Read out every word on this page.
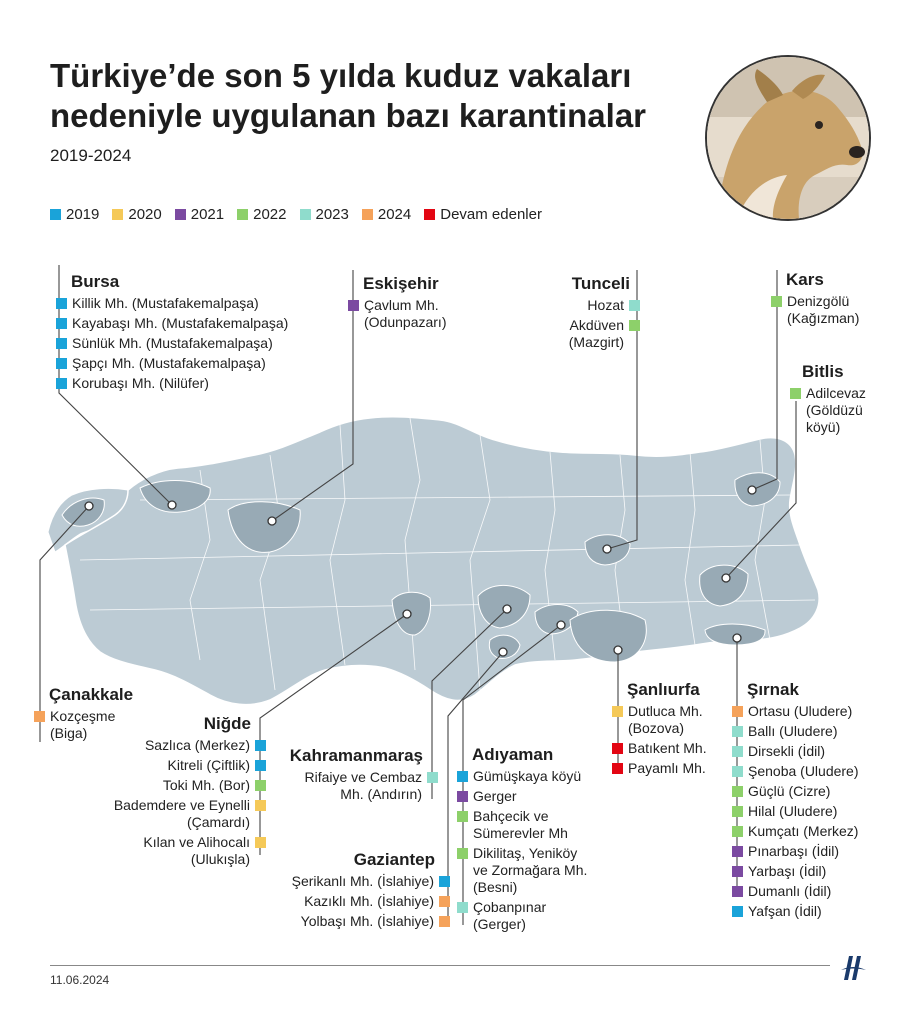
Türkiye’de son 5 yılda kuduz vakaları nedeniyle uygulanan bazı karantinalar
2019-2024
2019 2020 2021 2022 2023 2024 Devam edenler
Bursa
Killik Mh. (Mustafakemalpaşa)
Kayabaşı Mh. (Mustafakemalpaşa)
Sünlük Mh. (Mustafakemalpaşa)
Şapçı Mh. (Mustafakemalpaşa)
Korubaşı Mh. (Nilüfer)
Eskişehir
Çavlum Mh.
(Odunpazarı)
Tunceli
Hozat
Akdüven
(Mazgirt)
Kars
Denizgölü
(Kağızman)
Bitlis
Adilcevaz
(Göldüzü
köyü)
Çanakkale
Kozçeşme
(Biga)	Niğde
Sazlıca (Merkez)
Kitreli (Çiftlik)
Toki Mh. (Bor)
Bademdere ve Eynelli
(Çamardı)
Kılan ve Alihocalı
(Ulukışla)
Kahramanmaraş
Rifaiye ve Cembaz
Mh. (Andırın)
Gaziantep
Şerikanlı Mh. (İslahiye)
Kazıklı Mh. (İslahiye)
Yolbaşı Mh. (İslahiye)
Adıyaman
Gümüşkaya köyü
Gerger
Bahçecik ve
Sümerevler Mh
Dikilitaş, Yeniköy
ve Zormağara Mh.
(Besni)
Çobanpınar
(Gerger)
Şanlıurfa
Dutluca Mh.
(Bozova)
Batıkent Mh.
Payamlı Mh.
Şırnak
Ortasu (Uludere)
Ballı (Uludere)
Dirsekli (İdil)
Şenoba (Uludere)
Güçlü (Cizre)
Hilal (Uludere)
Kumçatı (Merkez)
Pınarbaşı (İdil)
Yarbaşı (İdil)
Dumanlı (İdil)
Yafşan (İdil)
11.06.2024
